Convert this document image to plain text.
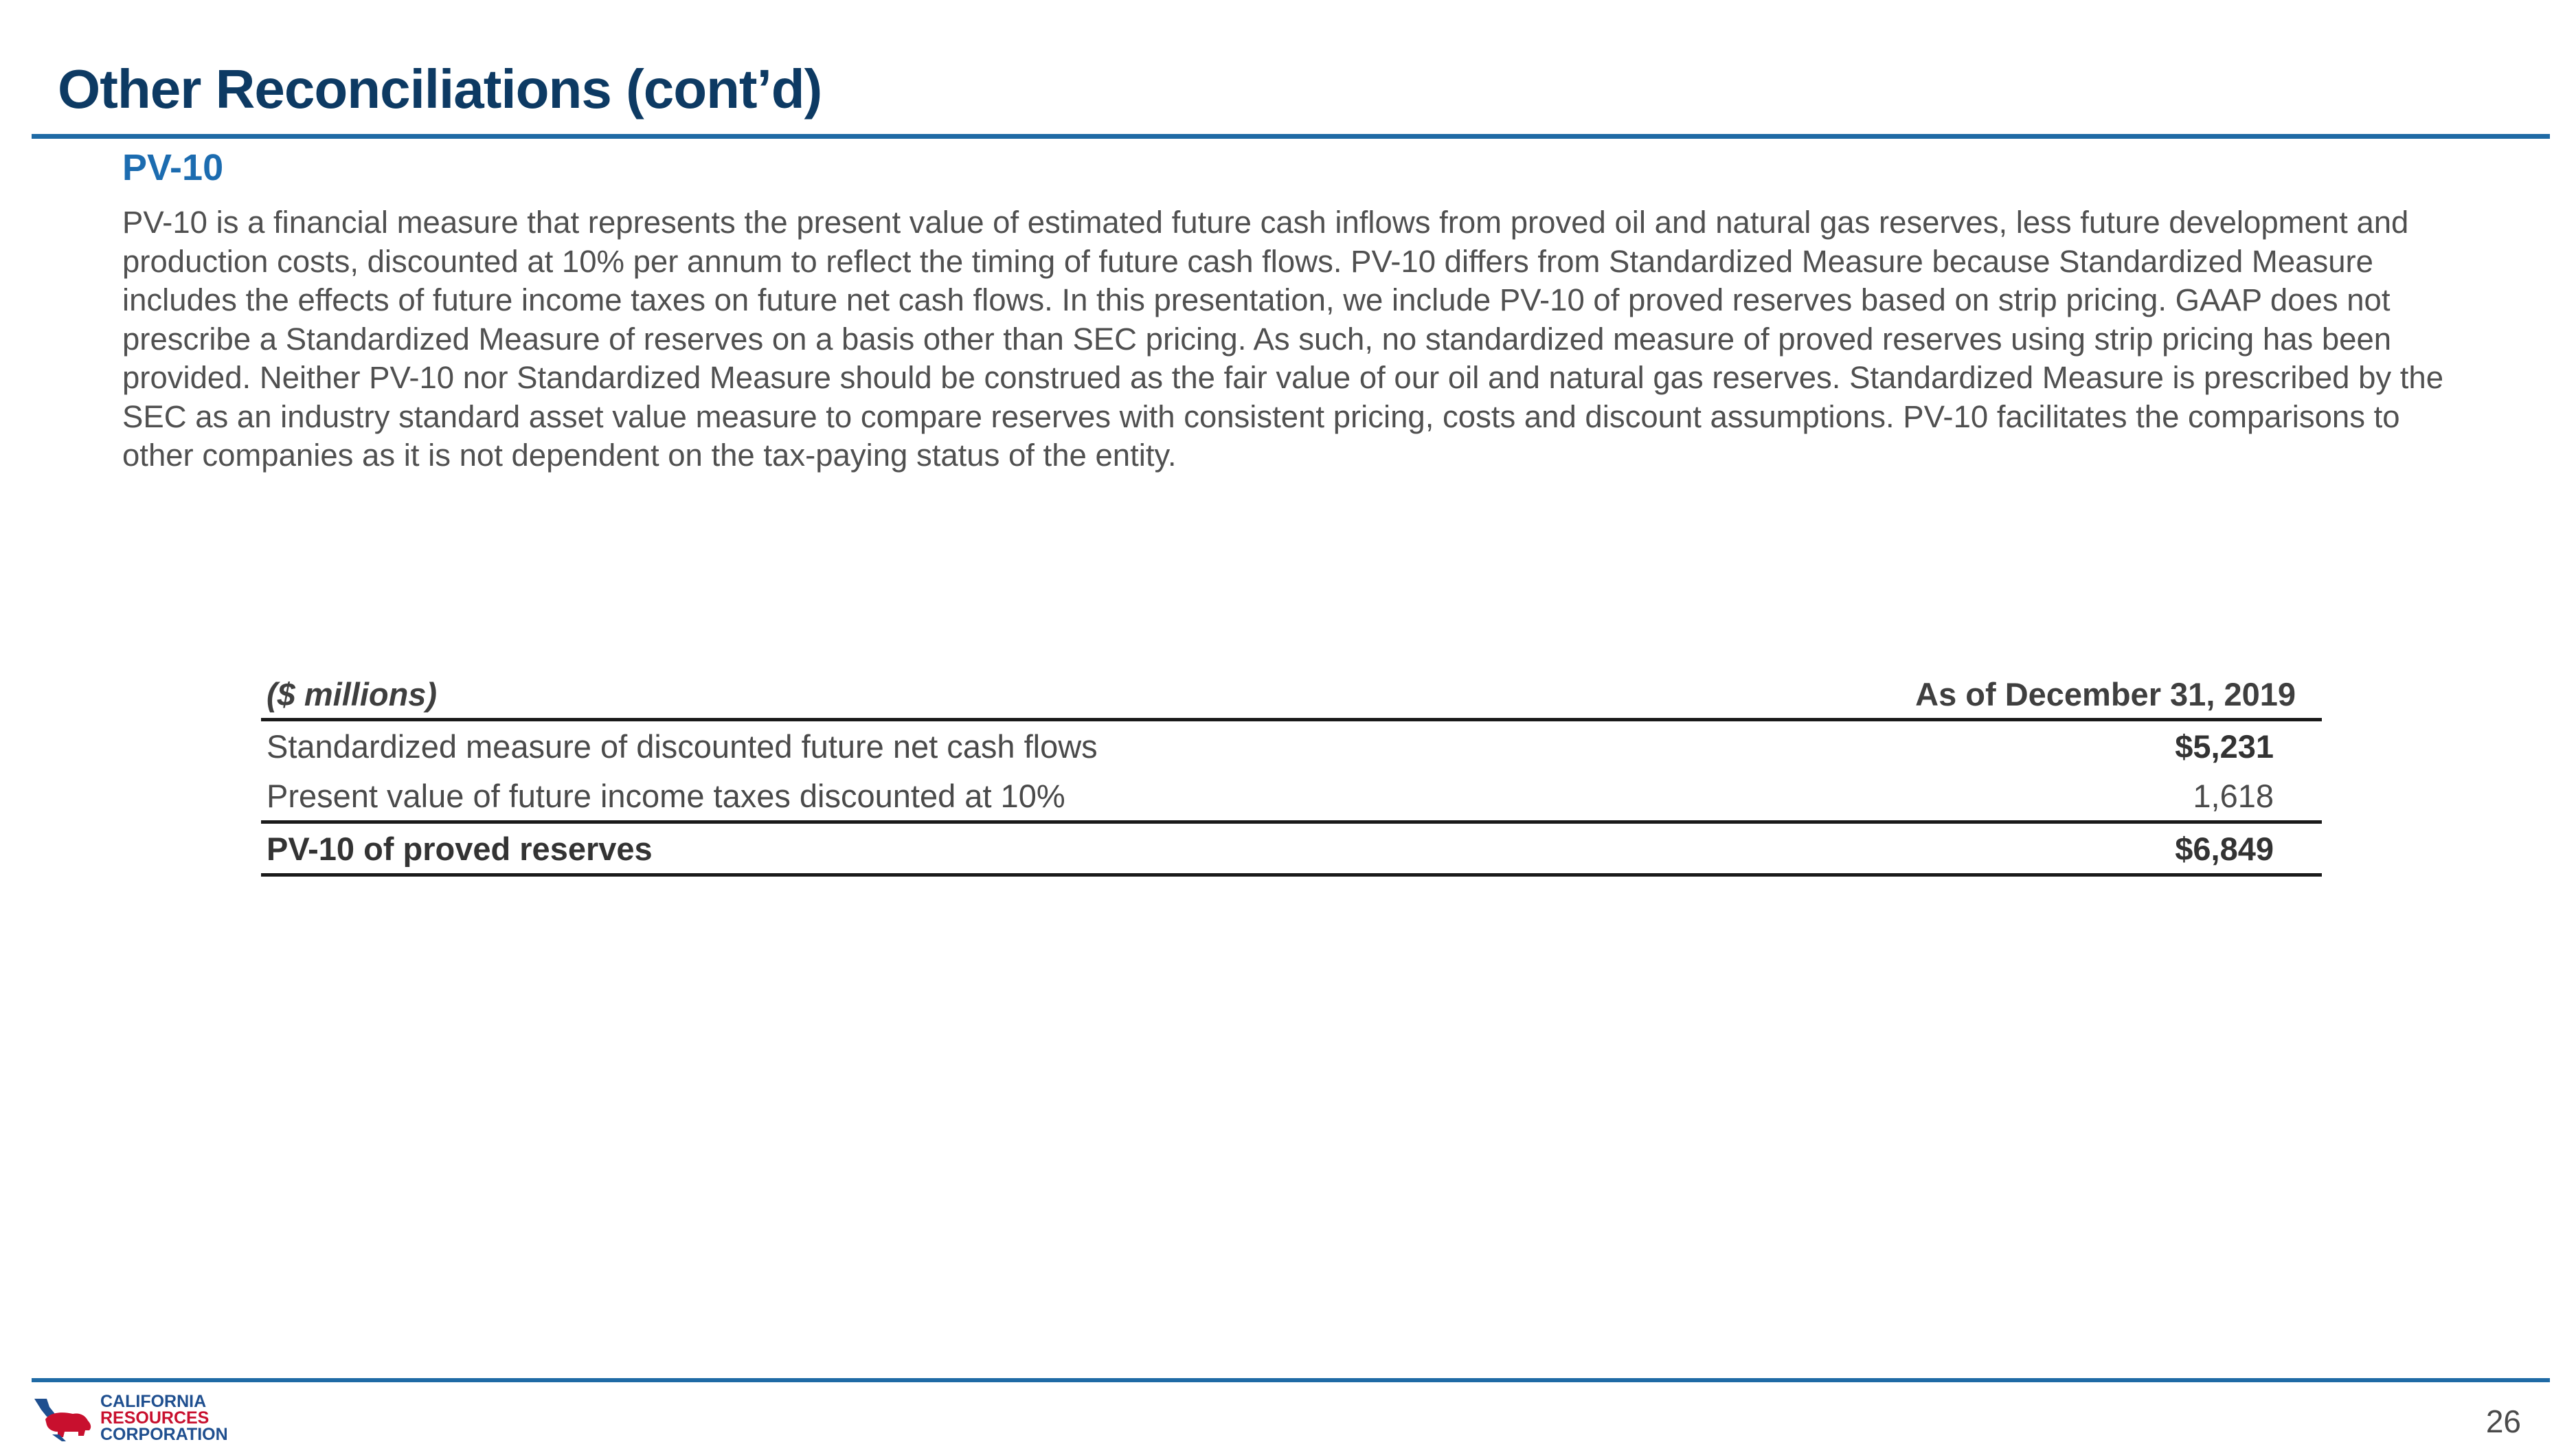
Other Reconciliations (cont’d)
PV-10

PV-10 is a financial measure that represents the present value of estimated future cash inflows from proved oil and natural gas reserves, less future development and production costs, discounted at 10% per annum to reflect the timing of future cash flows. PV-10 differs from Standardized Measure because Standardized Measure includes the effects of future income taxes on future net cash flows. In this presentation, we include PV-10 of proved reserves based on strip pricing. GAAP does not prescribe a Standardized Measure of reserves on a basis other than SEC pricing. As such, no standardized measure of proved reserves using strip pricing has been provided. Neither PV-10 nor Standardized Measure should be construed as the fair value of our oil and natural gas reserves. Standardized Measure is prescribed by the SEC as an industry standard asset value measure to compare reserves with consistent pricing, costs and discount assumptions. PV-10 facilitates the comparisons to other companies as it is not dependent on the tax-paying status of the entity.

($ millions)	As of December 31, 2019
Standardized measure of discounted future net cash flows	$5,231
Present value of future income taxes discounted at 10%	1,618
PV-10 of proved reserves	$6,849
CALIFORNIA
RESOURCES
CORPORATION	26
